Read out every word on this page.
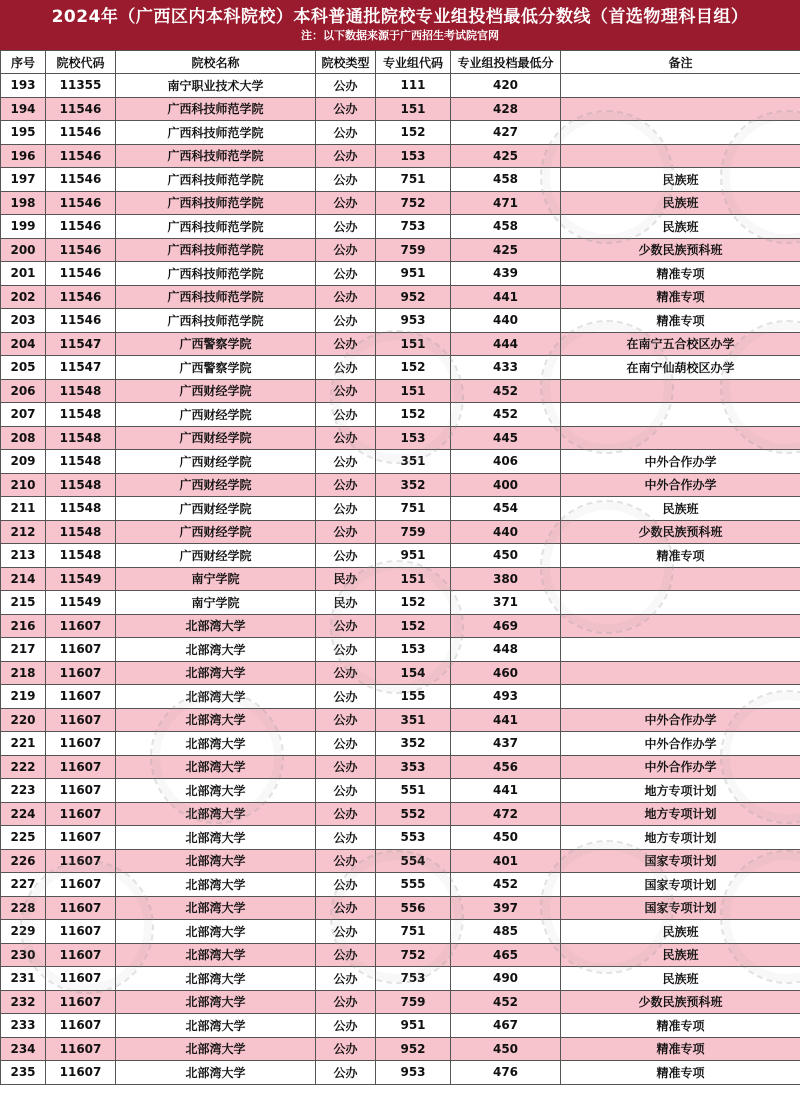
2024年（广西区内本科院校）本科普通批院校专业组投档最低分数线（首选物理科目组）
注：以下数据来源于广西招生考试院官网
序号	院校代码	院校名称	院校类型	专业组代码	专业组投档最低分	备注
193	11355	南宁职业技术大学	公办	111	420	
194	11546	广西科技师范学院	公办	151	428	
195	11546	广西科技师范学院	公办	152	427	
196	11546	广西科技师范学院	公办	153	425	
197	11546	广西科技师范学院	公办	751	458	民族班
198	11546	广西科技师范学院	公办	752	471	民族班
199	11546	广西科技师范学院	公办	753	458	民族班
200	11546	广西科技师范学院	公办	759	425	少数民族预科班
201	11546	广西科技师范学院	公办	951	439	精准专项
202	11546	广西科技师范学院	公办	952	441	精准专项
203	11546	广西科技师范学院	公办	953	440	精准专项
204	11547	广西警察学院	公办	151	444	在南宁五合校区办学
205	11547	广西警察学院	公办	152	433	在南宁仙葫校区办学
206	11548	广西财经学院	公办	151	452	
207	11548	广西财经学院	公办	152	452	
208	11548	广西财经学院	公办	153	445	
209	11548	广西财经学院	公办	351	406	中外合作办学
210	11548	广西财经学院	公办	352	400	中外合作办学
211	11548	广西财经学院	公办	751	454	民族班
212	11548	广西财经学院	公办	759	440	少数民族预科班
213	11548	广西财经学院	公办	951	450	精准专项
214	11549	南宁学院	民办	151	380	
215	11549	南宁学院	民办	152	371	
216	11607	北部湾大学	公办	152	469	
217	11607	北部湾大学	公办	153	448	
218	11607	北部湾大学	公办	154	460	
219	11607	北部湾大学	公办	155	493	
220	11607	北部湾大学	公办	351	441	中外合作办学
221	11607	北部湾大学	公办	352	437	中外合作办学
222	11607	北部湾大学	公办	353	456	中外合作办学
223	11607	北部湾大学	公办	551	441	地方专项计划
224	11607	北部湾大学	公办	552	472	地方专项计划
225	11607	北部湾大学	公办	553	450	地方专项计划
226	11607	北部湾大学	公办	554	401	国家专项计划
227	11607	北部湾大学	公办	555	452	国家专项计划
228	11607	北部湾大学	公办	556	397	国家专项计划
229	11607	北部湾大学	公办	751	485	民族班
230	11607	北部湾大学	公办	752	465	民族班
231	11607	北部湾大学	公办	753	490	民族班
232	11607	北部湾大学	公办	759	452	少数民族预科班
233	11607	北部湾大学	公办	951	467	精准专项
234	11607	北部湾大学	公办	952	450	精准专项
235	11607	北部湾大学	公办	953	476	精准专项
